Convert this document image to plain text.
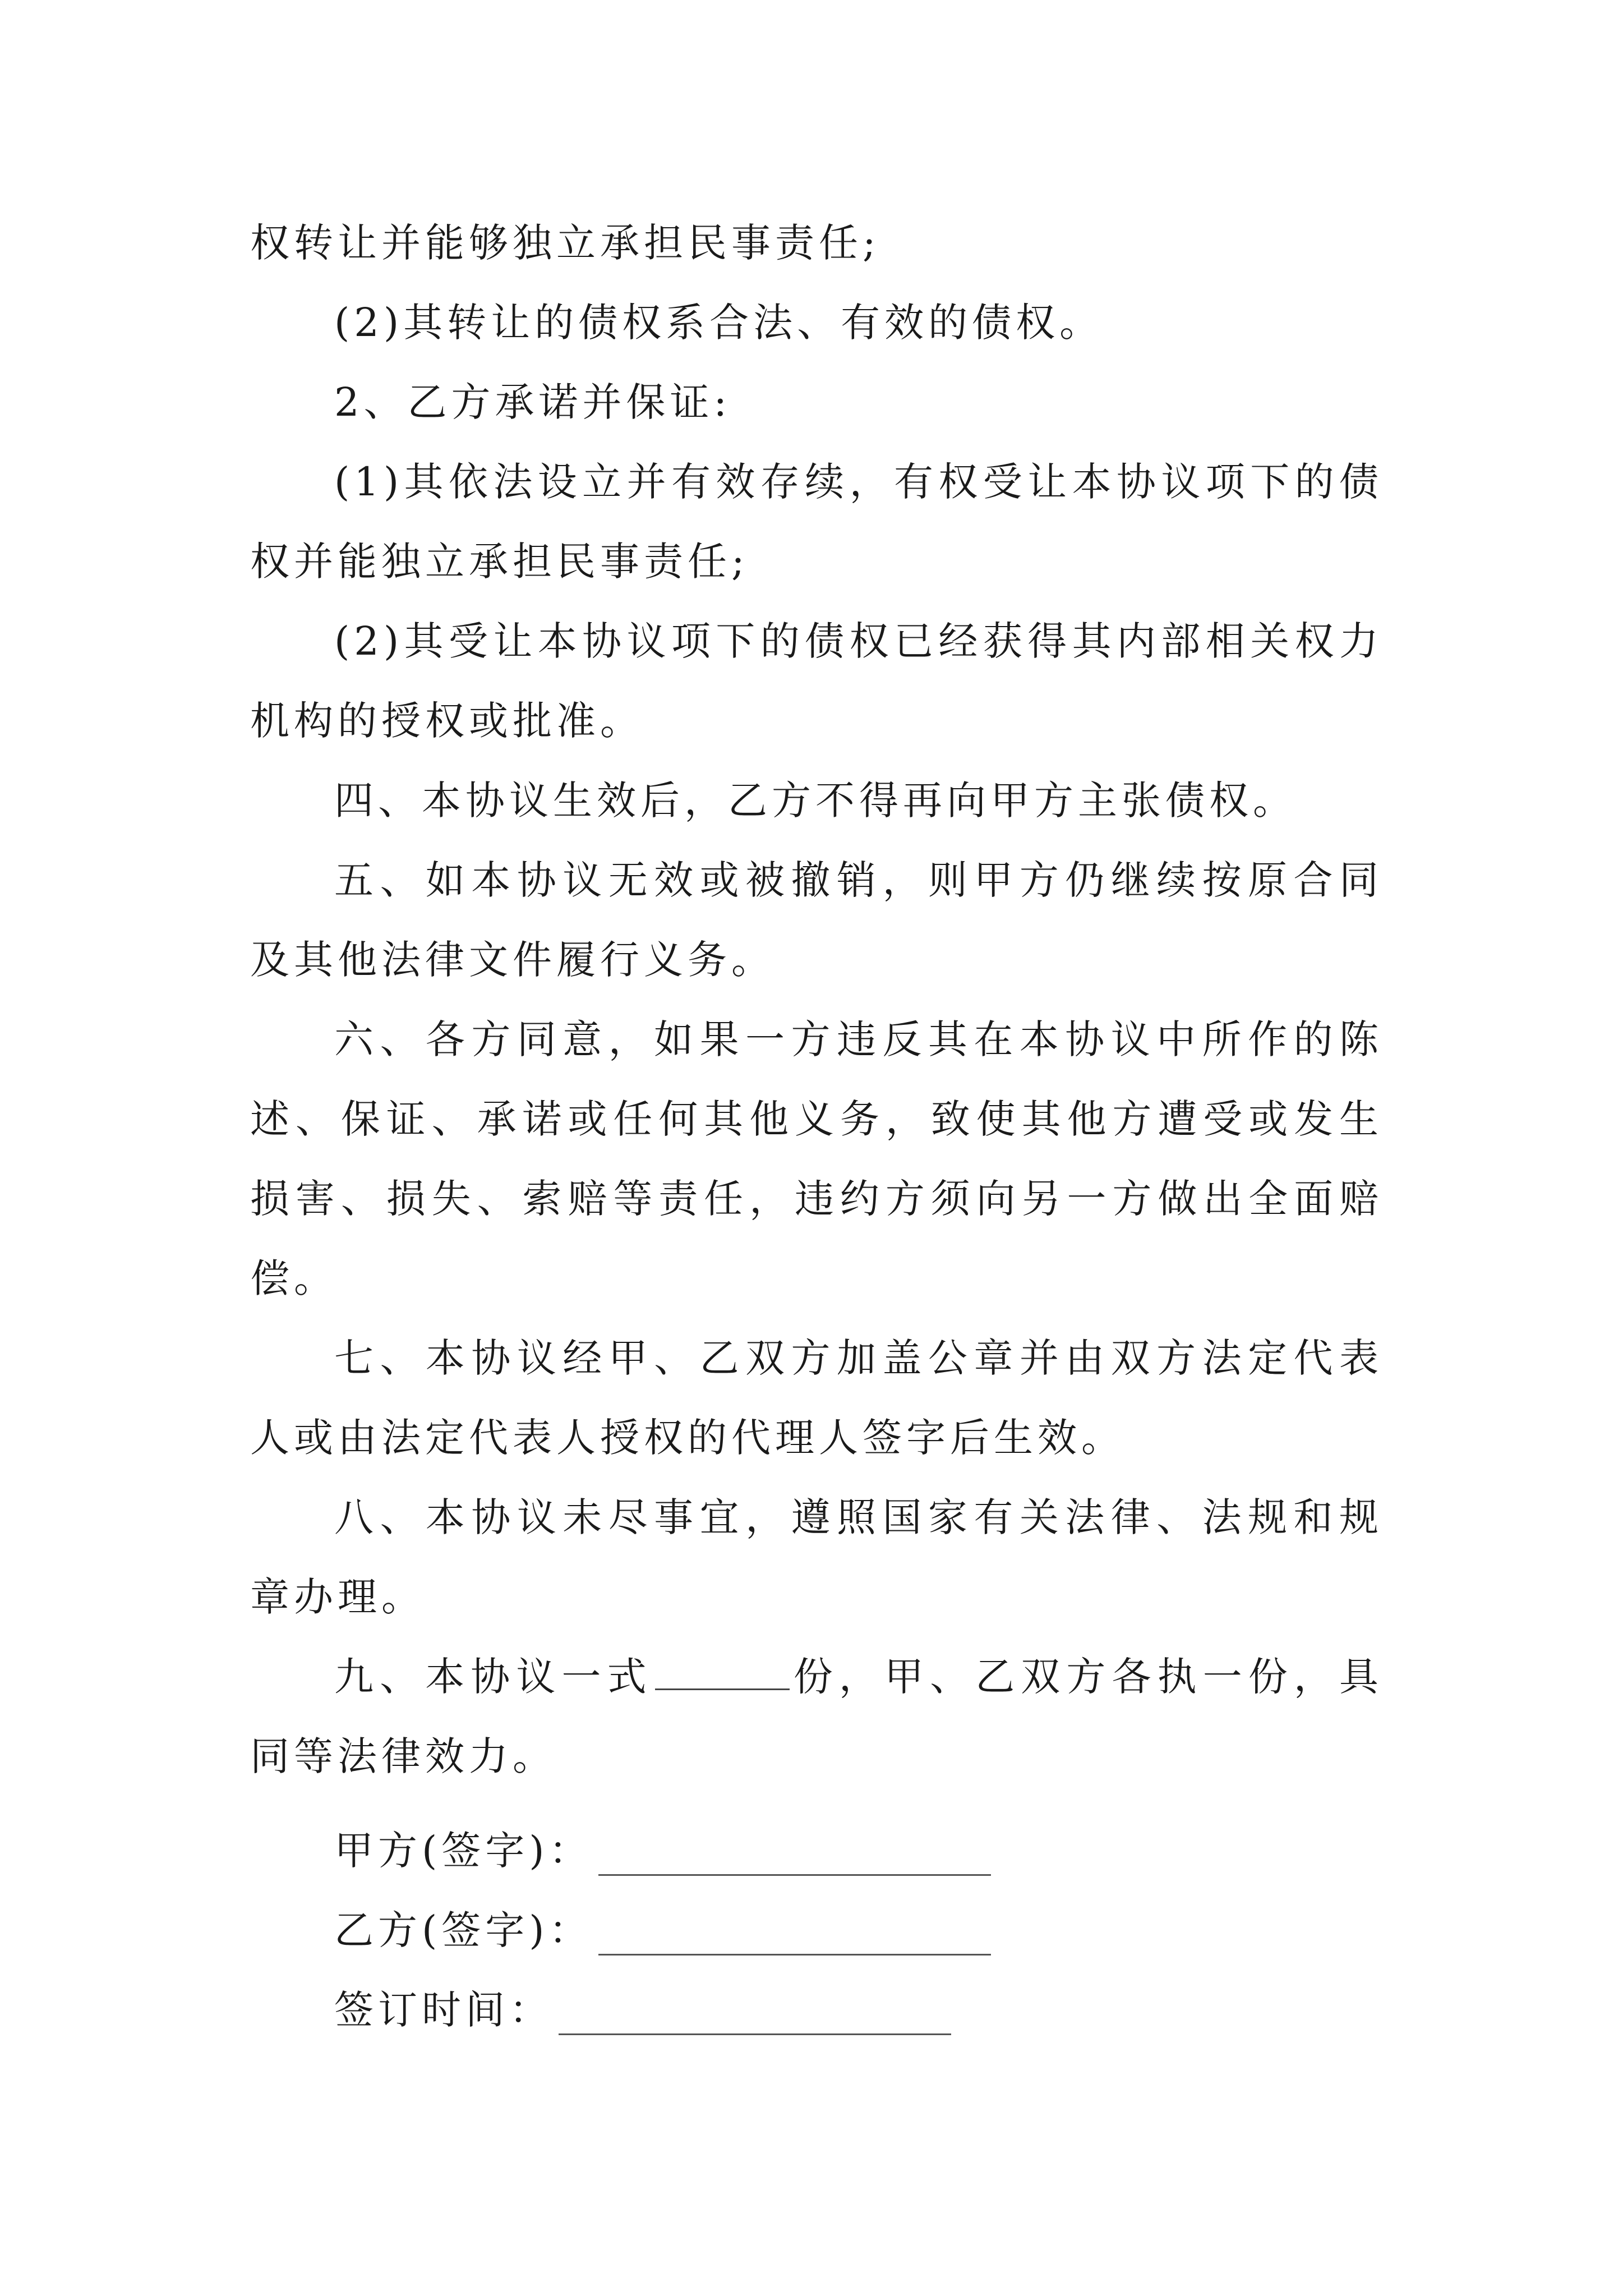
权转让并能够独立承担民事责任;

(2)其转让的债权系合法、有效的债权。

2、乙方承诺并保证:

(1)其依法设立并有效存续，有权受让本协议项下的债权并能独立承担民事责任;

(2)其受让本协议项下的债权已经获得其内部相关权力机构的授权或批准。

四、本协议生效后，乙方不得再向甲方主张债权。

五、如本协议无效或被撤销，则甲方仍继续按原合同及其他法律文件履行义务。

六、各方同意，如果一方违反其在本协议中所作的陈述、保证、承诺或任何其他义务，致使其他方遭受或发生损害、损失、索赔等责任，违约方须向另一方做出全面赔偿。

七、本协议经甲、乙双方加盖公章并由双方法定代表人或由法定代表人授权的代理人签字后生效。

八、本协议未尽事宜，遵照国家有关法律、法规和规章办理。

九、本协议一式	份，甲、乙双方各执一份，具同等法律效力。

甲方(签字)：
乙方(签字)：
签订时间：
